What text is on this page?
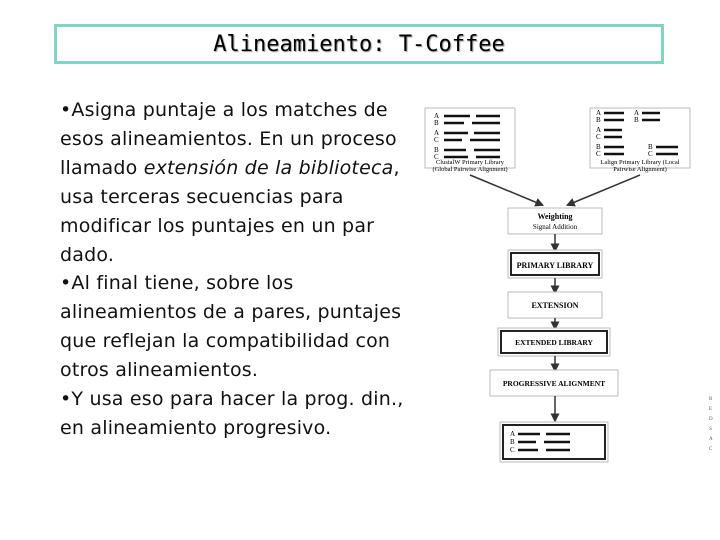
Alineamiento: T-Coffee

•Asigna puntaje a los matches de esos alineamientos. En un proceso llamado extensión de la biblioteca, usa terceras secuencias para modificar los puntajes en un par dado.

•Al final tiene, sobre los alineamientos de a pares, puntajes que reflejan la compatibilidad con otros alineamientos.

•Y usa eso para hacer la prog. din., en alineamiento progresivo.

A
B
A
C
B
C
ClustalW Primary Library
(Global Pairwise Alignment)
A
B
A
C
B
C
A
B
B
C
Lalign Primary Library (Local
Pairwise Alignment)
Weighting
Signal Addition
PRIMARY LIBRARY
EXTENSION
EXTENDED LIBRARY
PROGRESSIVE ALIGNMENT
A
B
C
R
E
D
S
A
C
